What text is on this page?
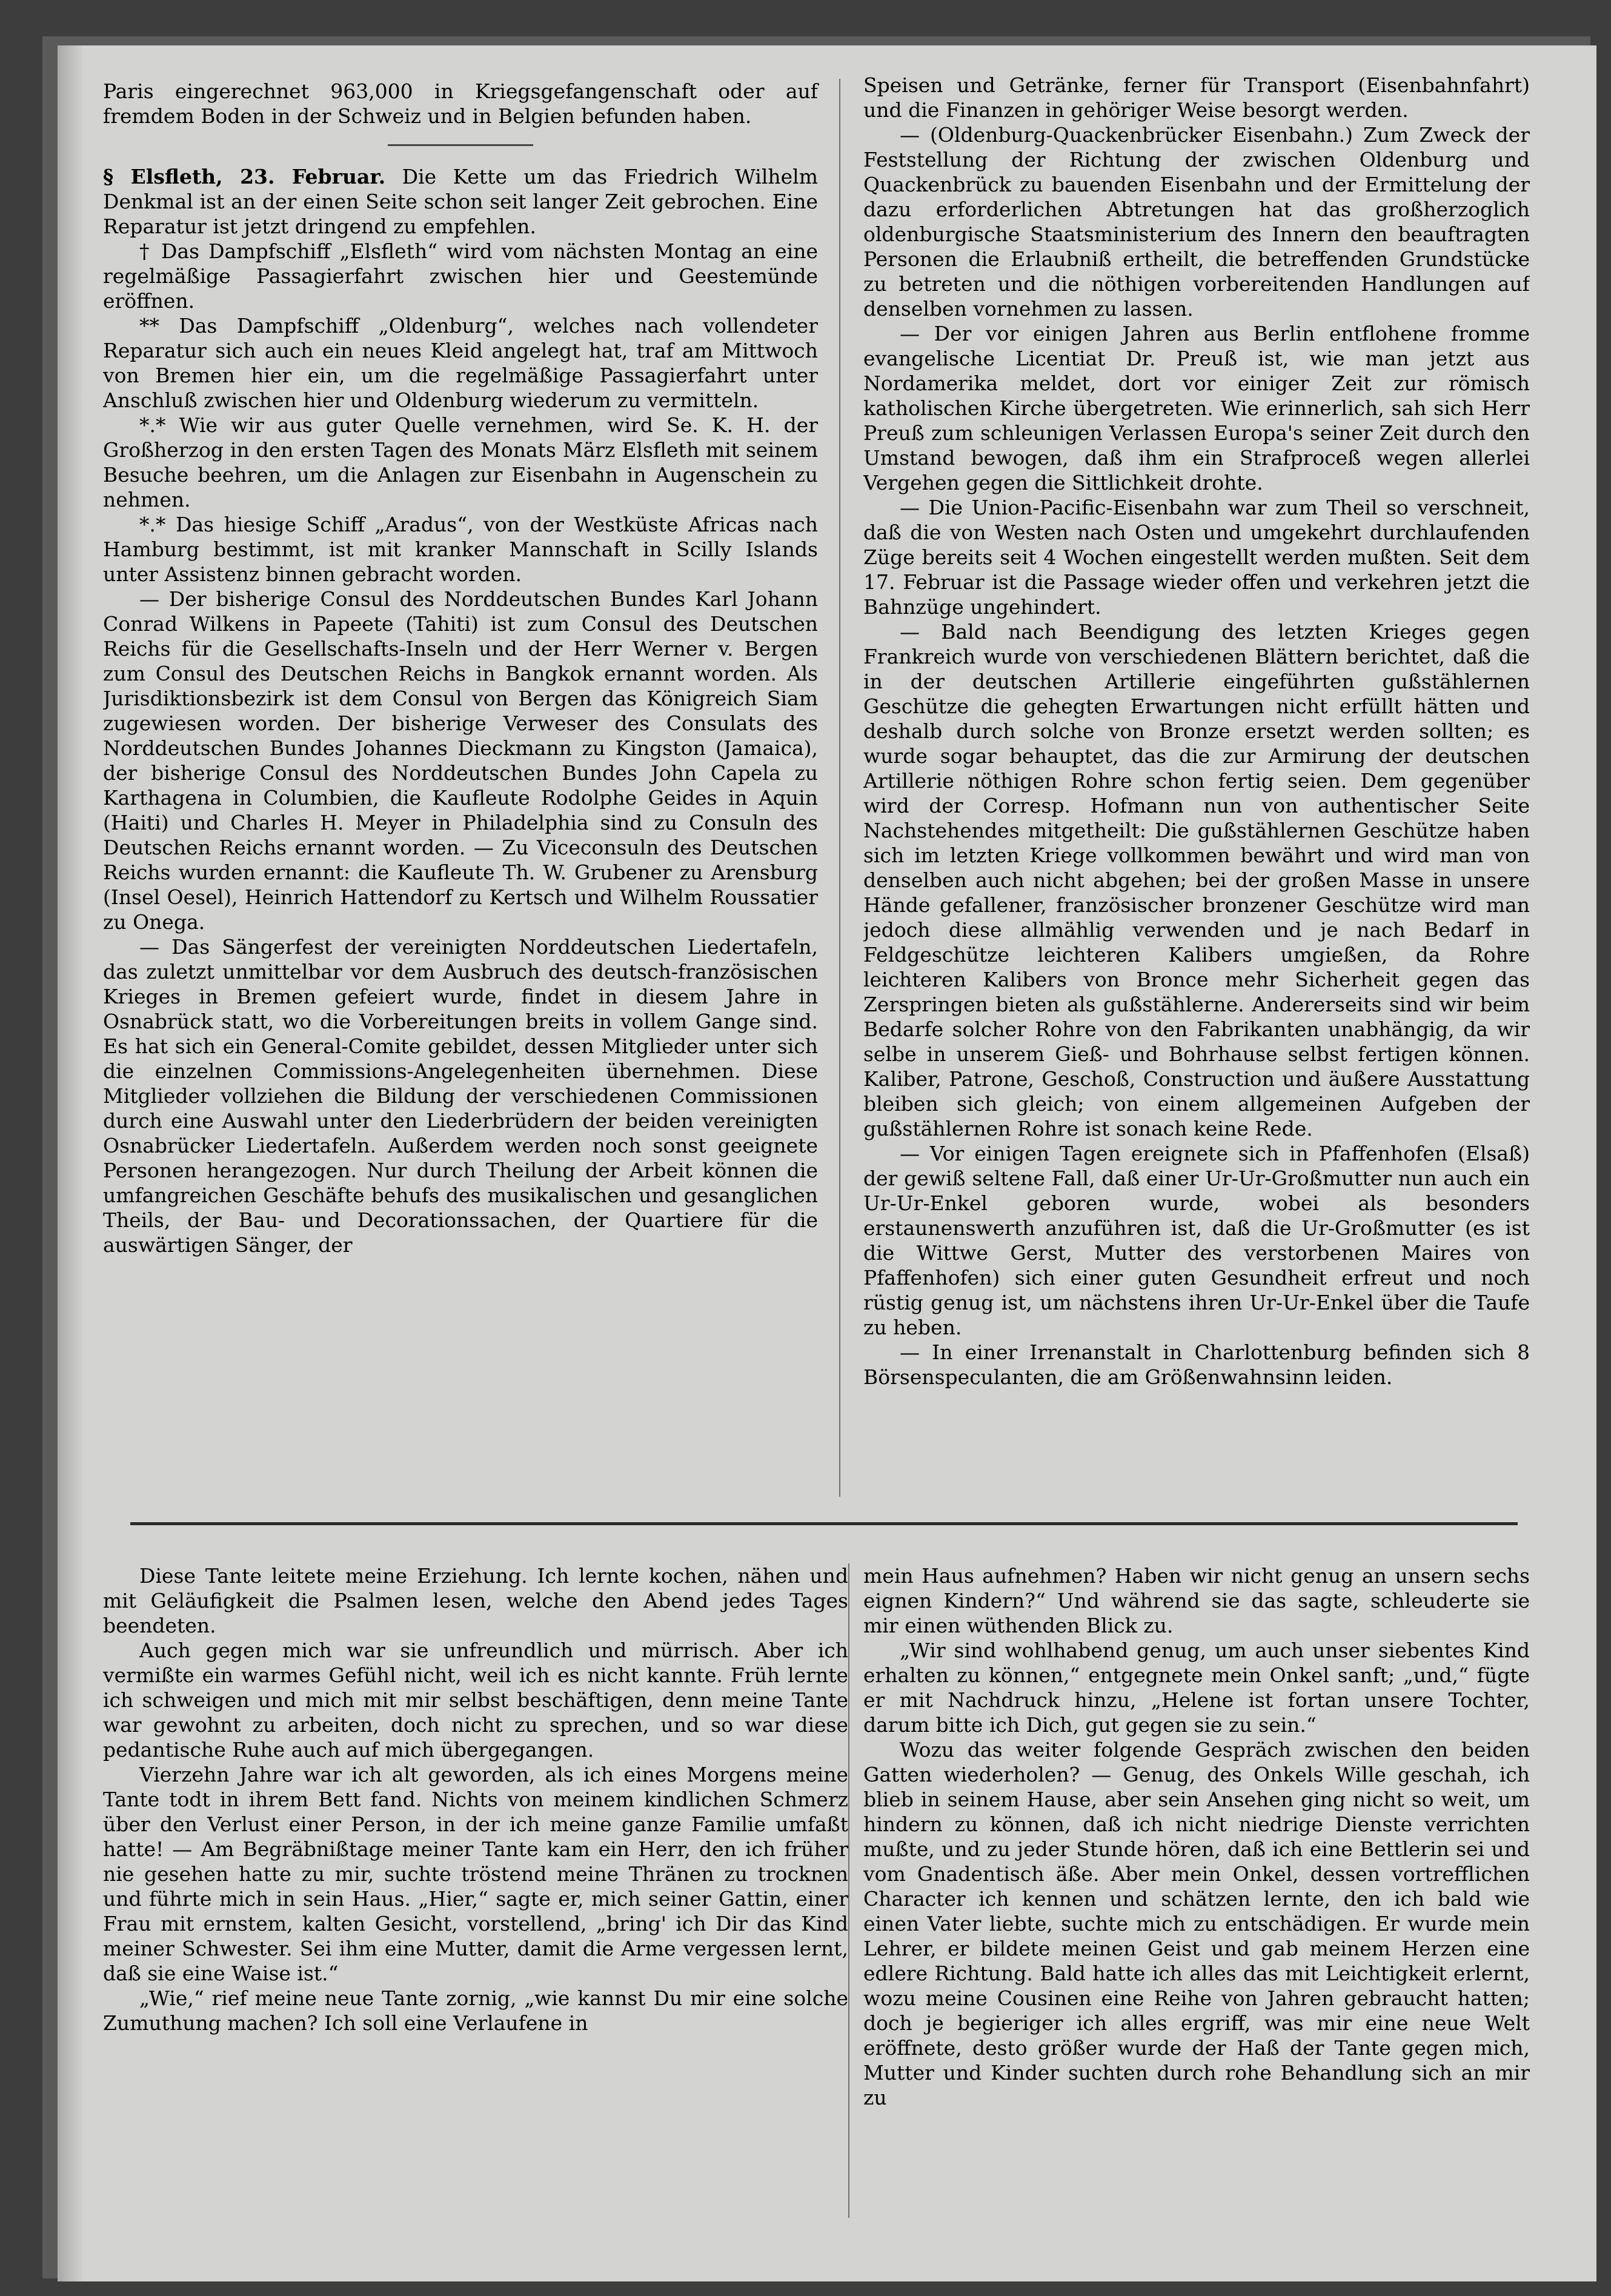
Paris eingerechnet 963,000 in Kriegsgefangenschaft oder auf fremdem Boden in der Schweiz und in Belgien befunden haben.

§ Elsfleth, 23. Februar. Die Kette um das Friedrich Wilhelm Denkmal ist an der einen Seite schon seit langer Zeit gebrochen. Eine Reparatur ist jetzt dringend zu empfehlen.

† Das Dampfschiff „Elsfleth“ wird vom nächsten Montag an eine regelmäßige Passagierfahrt zwischen hier und Geestemünde eröffnen.

** Das Dampfschiff „Oldenburg“, welches nach vollendeter Reparatur sich auch ein neues Kleid angelegt hat, traf am Mittwoch von Bremen hier ein, um die regelmäßige Passagierfahrt unter Anschluß zwischen hier und Oldenburg wiederum zu vermitteln.

*.* Wie wir aus guter Quelle vernehmen, wird Se. K. H. der Großherzog in den ersten Tagen des Monats März Elsfleth mit seinem Besuche beehren, um die Anlagen zur Eisenbahn in Augenschein zu nehmen.

*.* Das hiesige Schiff „Aradus“, von der Westküste Africas nach Hamburg bestimmt, ist mit kranker Mannschaft in Scilly Islands unter Assistenz binnen gebracht worden.

— Der bisherige Consul des Norddeutschen Bundes Karl Johann Conrad Wilkens in Papeete (Tahiti) ist zum Consul des Deutschen Reichs für die Gesellschafts-Inseln und der Herr Werner v. Bergen zum Consul des Deutschen Reichs in Bangkok ernannt worden. Als Jurisdiktionsbezirk ist dem Consul von Bergen das Königreich Siam zugewiesen worden. Der bisherige Verweser des Consulats des Norddeutschen Bundes Johannes Dieckmann zu Kingston (Jamaica), der bisherige Consul des Norddeutschen Bundes John Capela zu Karthagena in Columbien, die Kaufleute Rodolphe Geides in Aquin (Haiti) und Charles H. Meyer in Philadelphia sind zu Consuln des Deutschen Reichs ernannt worden. — Zu Viceconsuln des Deutschen Reichs wurden ernannt: die Kaufleute Th. W. Grubener zu Arensburg (Insel Oesel), Heinrich Hattendorf zu Kertsch und Wilhelm Roussatier zu Onega.

— Das Sängerfest der vereinigten Norddeutschen Liedertafeln, das zuletzt unmittelbar vor dem Ausbruch des deutsch-französischen Krieges in Bremen gefeiert wurde, findet in diesem Jahre in Osnabrück statt, wo die Vorbereitungen breits in vollem Gange sind. Es hat sich ein General-Comite gebildet, dessen Mitglieder unter sich die einzelnen Commissions-Angelegenheiten übernehmen. Diese Mitglieder vollziehen die Bildung der verschiedenen Commissionen durch eine Auswahl unter den Liederbrüdern der beiden vereinigten Osnabrücker Liedertafeln. Außerdem werden noch sonst geeignete Personen herangezogen. Nur durch Theilung der Arbeit können die umfangreichen Geschäfte behufs des musikalischen und gesanglichen Theils, der Bau- und Decorationssachen, der Quartiere für die auswärtigen Sänger, der

Speisen und Getränke, ferner für Transport (Eisenbahnfahrt) und die Finanzen in gehöriger Weise besorgt werden.

— (Oldenburg-Quackenbrücker Eisenbahn.) Zum Zweck der Feststellung der Richtung der zwischen Oldenburg und Quackenbrück zu bauenden Eisenbahn und der Ermittelung der dazu erforderlichen Abtretungen hat das großherzoglich oldenburgische Staatsministerium des Innern den beauftragten Personen die Erlaubniß ertheilt, die betreffenden Grundstücke zu betreten und die nöthigen vorbereitenden Handlungen auf denselben vornehmen zu lassen.

— Der vor einigen Jahren aus Berlin entflohene fromme evangelische Licentiat Dr. Preuß ist, wie man jetzt aus Nordamerika meldet, dort vor einiger Zeit zur römisch katholischen Kirche übergetreten. Wie erinnerlich, sah sich Herr Preuß zum schleunigen Verlassen Europa's seiner Zeit durch den Umstand bewogen, daß ihm ein Strafproceß wegen allerlei Vergehen gegen die Sittlichkeit drohte.

— Die Union-Pacific-Eisenbahn war zum Theil so verschneit, daß die von Westen nach Osten und umgekehrt durchlaufenden Züge bereits seit 4 Wochen eingestellt werden mußten. Seit dem 17. Februar ist die Passage wieder offen und verkehren jetzt die Bahnzüge ungehindert.

— Bald nach Beendigung des letzten Krieges gegen Frankreich wurde von verschiedenen Blättern berichtet, daß die in der deutschen Artillerie eingeführten gußstählernen Geschütze die gehegten Erwartungen nicht erfüllt hätten und deshalb durch solche von Bronze ersetzt werden sollten; es wurde sogar behauptet, das die zur Armirung der deutschen Artillerie nöthigen Rohre schon fertig seien. Dem gegenüber wird der Corresp. Hofmann nun von authentischer Seite Nachstehendes mitgetheilt: Die gußstählernen Geschütze haben sich im letzten Kriege vollkommen bewährt und wird man von denselben auch nicht abgehen; bei der großen Masse in unsere Hände gefallener, französischer bronzener Geschütze wird man jedoch diese allmählig verwenden und je nach Bedarf in Feldgeschütze leichteren Kalibers umgießen, da Rohre leichteren Kalibers von Bronce mehr Sicherheit gegen das Zerspringen bieten als gußstählerne. Andererseits sind wir beim Bedarfe solcher Rohre von den Fabrikanten unabhängig, da wir selbe in unserem Gieß- und Bohrhause selbst fertigen können. Kaliber, Patrone, Geschoß, Construction und äußere Ausstattung bleiben sich gleich; von einem allgemeinen Aufgeben der gußstählernen Rohre ist sonach keine Rede.

— Vor einigen Tagen ereignete sich in Pfaffenhofen (Elsaß) der gewiß seltene Fall, daß einer Ur-Ur-Großmutter nun auch ein Ur-Ur-Enkel geboren wurde, wobei als besonders erstaunenswerth anzuführen ist, daß die Ur-Großmutter (es ist die Wittwe Gerst, Mutter des verstorbenen Maires von Pfaffenhofen) sich einer guten Gesundheit erfreut und noch rüstig genug ist, um nächstens ihren Ur-Ur-Enkel über die Taufe zu heben.

— In einer Irrenanstalt in Charlottenburg befinden sich 8 Börsenspeculanten, die am Größenwahnsinn leiden.

Diese Tante leitete meine Erziehung. Ich lernte kochen, nähen und mit Geläufigkeit die Psalmen lesen, welche den Abend jedes Tages beendeten.

Auch gegen mich war sie unfreundlich und mürrisch. Aber ich vermißte ein warmes Gefühl nicht, weil ich es nicht kannte. Früh lernte ich schweigen und mich mit mir selbst beschäftigen, denn meine Tante war gewohnt zu arbeiten, doch nicht zu sprechen, und so war diese pedantische Ruhe auch auf mich übergegangen.

Vierzehn Jahre war ich alt geworden, als ich eines Morgens meine Tante todt in ihrem Bett fand. Nichts von meinem kindlichen Schmerz über den Verlust einer Person, in der ich meine ganze Familie umfaßt hatte! — Am Begräbnißtage meiner Tante kam ein Herr, den ich früher nie gesehen hatte zu mir, suchte tröstend meine Thränen zu trocknen und führte mich in sein Haus. „Hier,“ sagte er, mich seiner Gattin, einer Frau mit ernstem, kalten Gesicht, vorstellend, „bring' ich Dir das Kind meiner Schwester. Sei ihm eine Mutter, damit die Arme vergessen lernt, daß sie eine Waise ist.“

„Wie,“ rief meine neue Tante zornig, „wie kannst Du mir eine solche Zumuthung machen? Ich soll eine Verlaufene in

mein Haus aufnehmen? Haben wir nicht genug an unsern sechs eignen Kindern?“ Und während sie das sagte, schleuderte sie mir einen wüthenden Blick zu.

„Wir sind wohlhabend genug, um auch unser siebentes Kind erhalten zu können,“ entgegnete mein Onkel sanft; „und,“ fügte er mit Nachdruck hinzu, „Helene ist fortan unsere Tochter, darum bitte ich Dich, gut gegen sie zu sein.“

Wozu das weiter folgende Gespräch zwischen den beiden Gatten wiederholen? — Genug, des Onkels Wille geschah, ich blieb in seinem Hause, aber sein Ansehen ging nicht so weit, um hindern zu können, daß ich nicht niedrige Dienste verrichten mußte, und zu jeder Stunde hören, daß ich eine Bettlerin sei und vom Gnadentisch äße. Aber mein Onkel, dessen vortrefflichen Character ich kennen und schätzen lernte, den ich bald wie einen Vater liebte, suchte mich zu entschädigen. Er wurde mein Lehrer, er bildete meinen Geist und gab meinem Herzen eine edlere Richtung. Bald hatte ich alles das mit Leichtigkeit erlernt, wozu meine Cousinen eine Reihe von Jahren gebraucht hatten; doch je begieriger ich alles ergriff, was mir eine neue Welt eröffnete, desto größer wurde der Haß der Tante gegen mich, Mutter und Kinder suchten durch rohe Behandlung sich an mir zu
